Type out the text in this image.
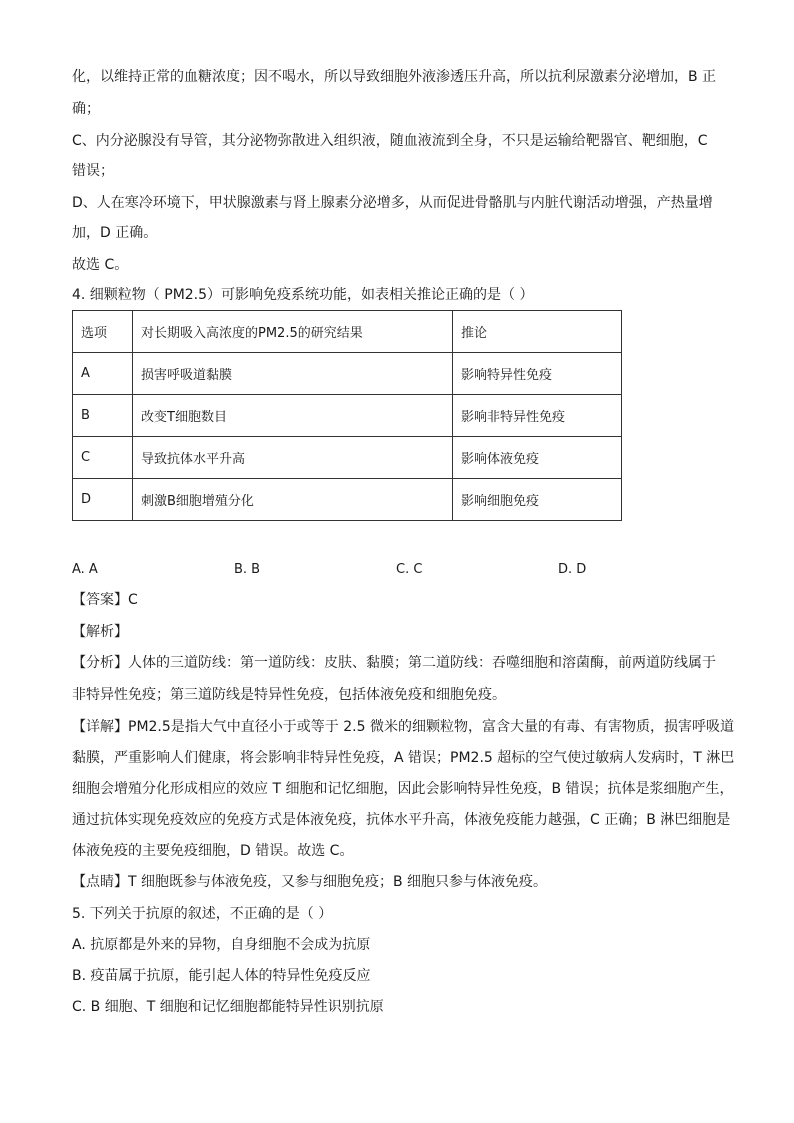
化，以维持正常的血糖浓度；因不喝水，所以导致细胞外液渗透压升高，所以抗利尿激素分泌增加，B 正
确；
C、内分泌腺没有导管，其分泌物弥散进入组织液，随血液流到全身，不只是运输给靶器官、靶细胞，C
错误；
D、人在寒冷环境下，甲状腺激素与肾上腺素分泌增多，从而促进骨骼肌与内脏代谢活动增强，产热量增
加，D 正确。
故选 C。
4. 细颗粒物（ PM2.5）可影响免疫系统功能，如表相关推论正确的是（ ）
选项	对长期吸入高浓度的PM2.5的研究结果	推论
A	损害呼吸道黏膜	影响特异性免疫
B	改变T细胞数目	影响非特异性免疫
C	导致抗体水平升高	影响体液免疫
D	刺激B细胞增殖分化	影响细胞免疫
A. A	B. B	C. C	D. D
【答案】C
【解析】
【分析】人体的三道防线：第一道防线：皮肤、黏膜；第二道防线：吞噬细胞和溶菌酶，前两道防线属于
非特异性免疫；第三道防线是特异性免疫，包括体液免疫和细胞免疫。
【详解】PM2.5是指大气中直径小于或等于 2.5 微米的细颗粒物，富含大量的有毒、有害物质，损害呼吸道
黏膜，严重影响人们健康，将会影响非特异性免疫，A 错误；PM2.5 超标的空气使过敏病人发病时，T 淋巴
细胞会增殖分化形成相应的效应 T 细胞和记忆细胞，因此会影响特异性免疫，B 错误；抗体是浆细胞产生，
通过抗体实现免疫效应的免疫方式是体液免疫，抗体水平升高，体液免疫能力越强，C 正确；B 淋巴细胞是
体液免疫的主要免疫细胞，D 错误。故选 C。
【点睛】T 细胞既参与体液免疫，又参与细胞免疫；B 细胞只参与体液免疫。
5. 下列关于抗原的叙述，不正确的是（ ）
A. 抗原都是外来的异物，自身细胞不会成为抗原
B. 疫苗属于抗原，能引起人体的特异性免疫反应
C. B 细胞、T 细胞和记忆细胞都能特异性识别抗原
